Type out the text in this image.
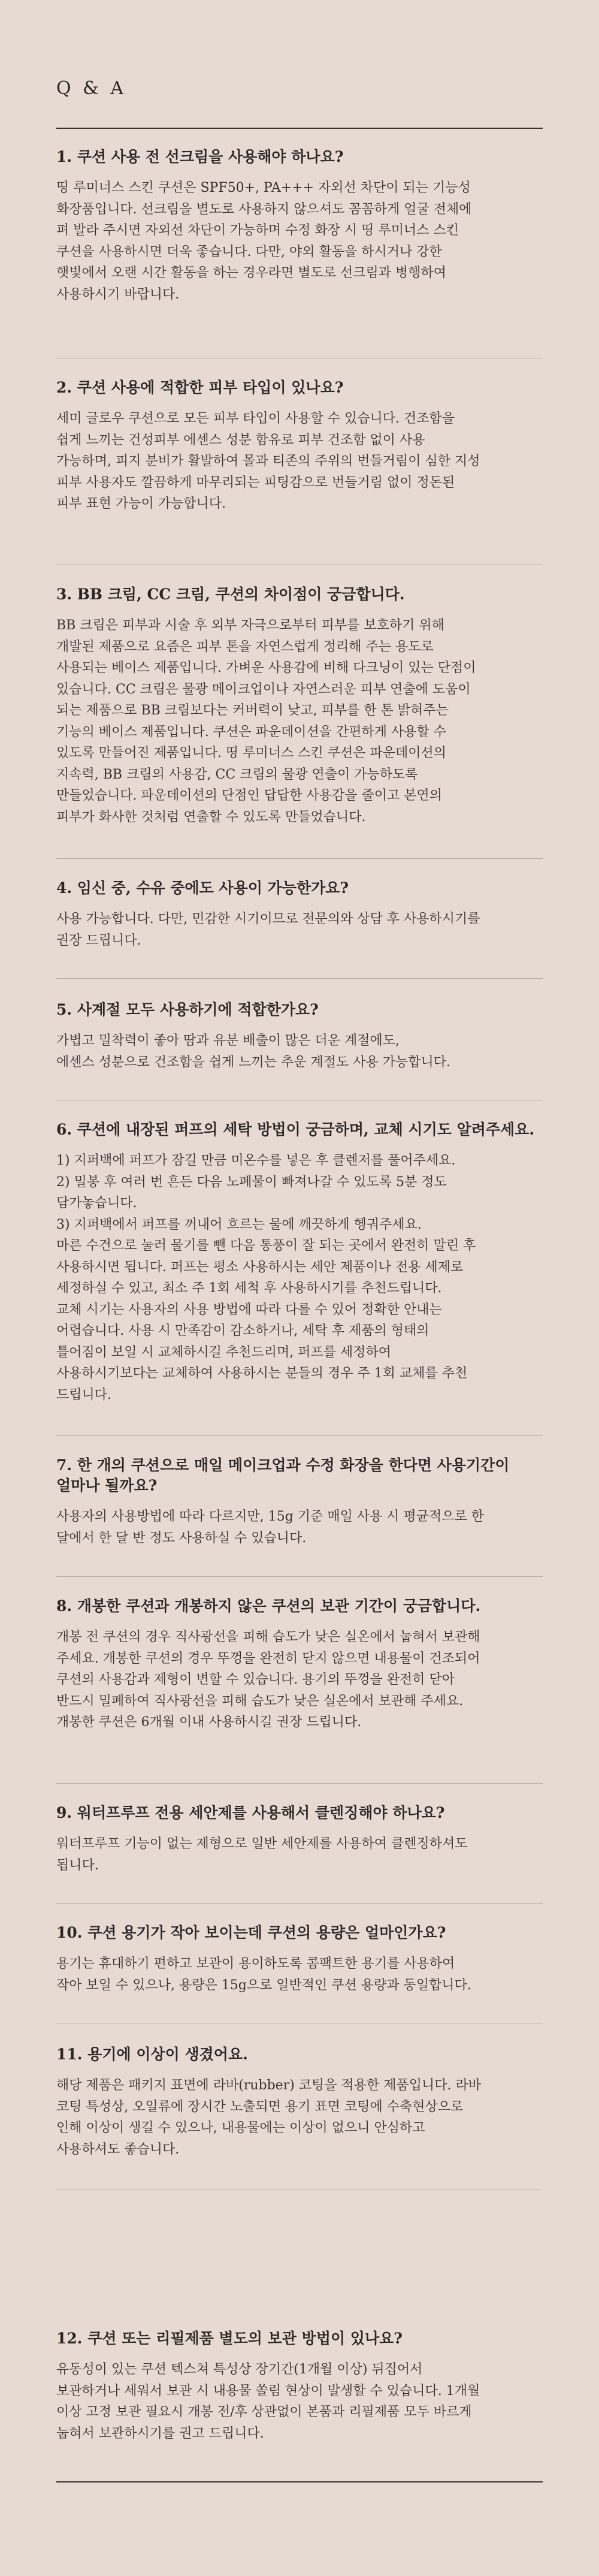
Q & A

1. 쿠션 사용 전 선크림을 사용해야 하나요?

띵 루미너스 스킨 쿠션은 SPF50+, PA+++ 자외선 차단이 되는 기능성
화장품입니다. 선크림을 별도로 사용하지 않으셔도 꼼꼼하게 얼굴 전체에
펴 발라 주시면 자외선 차단이 가능하며 수정 화장 시 띵 루미너스 스킨
쿠션을 사용하시면 더욱 좋습니다. 다만, 야외 활동을 하시거나 강한
햇빛에서 오랜 시간 활동을 하는 경우라면 별도로 선크림과 병행하여
사용하시기 바랍니다.

2. 쿠션 사용에 적합한 피부 타입이 있나요?

세미 글로우 쿠션으로 모든 피부 타입이 사용할 수 있습니다. 건조함을
쉽게 느끼는 건성피부 에센스 성분 함유로 피부 건조함 없이 사용
가능하며, 피지 분비가 활발하여 몰과 티존의 주위의 번들거림이 심한 지성
피부 사용자도 깔끔하게 마무리되는 피팅감으로 번들거림 없이 정돈된
피부 표현 가능이 가능합니다.

3. BB 크림, CC 크림, 쿠션의 차이점이 궁금합니다.

BB 크림은 피부과 시술 후 외부 자극으로부터 피부를 보호하기 위해
개발된 제품으로 요즘은 피부 톤을 자연스럽게 정리해 주는 용도로
사용되는 베이스 제품입니다. 가벼운 사용감에 비해 다크닝이 있는 단점이
있습니다. CC 크림은 물광 메이크업이나 자연스러운 피부 연출에 도움이
되는 제품으로 BB 크림보다는 커버력이 낮고, 피부를 한 톤 밝혀주는
기능의 베이스 제품입니다. 쿠션은 파운데이션을 간편하게 사용할 수
있도록 만들어진 제품입니다. 띵 루미너스 스킨 쿠션은 파운데이션의
지속력, BB 크림의 사용감, CC 크림의 물광 연출이 가능하도록
만들었습니다. 파운데이션의 단점인 답답한 사용감을 줄이고 본연의
피부가 화사한 것처럼 연출할 수 있도록 만들었습니다.

4. 임신 중, 수유 중에도 사용이 가능한가요?

사용 가능합니다. 다만, 민감한 시기이므로 전문의와 상담 후 사용하시기를
권장 드립니다.

5. 사계절 모두 사용하기에 적합한가요?

가볍고 밀착력이 좋아 땀과 유분 배출이 많은 더운 계절에도,
에센스 성분으로 건조함을 쉽게 느끼는 추운 계절도 사용 가능합니다.

6. 쿠션에 내장된 퍼프의 세탁 방법이 궁금하며, 교체 시기도 알려주세요.

1) 지퍼백에 퍼프가 잠길 만큼 미온수를 넣은 후 클렌저를 풀어주세요.
2) 밀봉 후 여러 번 흔든 다음 노폐물이 빠져나갈 수 있도록 5분 정도
담가놓습니다.
3) 지퍼백에서 퍼프를 꺼내어 흐르는 물에 깨끗하게 헹궈주세요.
마른 수건으로 눌러 물기를 뺀 다음 통풍이 잘 되는 곳에서 완전히 말린 후
사용하시면 됩니다. 퍼프는 평소 사용하시는 세안 제품이나 전용 세제로
세정하실 수 있고, 최소 주 1회 세척 후 사용하시기를 추천드립니다.
교체 시기는 사용자의 사용 방법에 따라 다를 수 있어 정확한 안내는
어렵습니다. 사용 시 만족감이 감소하거나, 세탁 후 제품의 형태의
틀어짐이 보일 시 교체하시길 추천드리며, 퍼프를 세정하여
사용하시기보다는 교체하여 사용하시는 분들의 경우 주 1회 교체를 추천
드립니다.

7. 한 개의 쿠션으로 매일 메이크업과 수정 화장을 한다면 사용기간이
얼마나 될까요?

사용자의 사용방법에 따라 다르지만, 15g 기준 매일 사용 시 평균적으로 한
달에서 한 달 반 정도 사용하실 수 있습니다.

8. 개봉한 쿠션과 개봉하지 않은 쿠션의 보관 기간이 궁금합니다.

개봉 전 쿠션의 경우 직사광선을 피해 습도가 낮은 실온에서 눕혀서 보관해
주세요. 개봉한 쿠션의 경우 뚜껑을 완전히 닫지 않으면 내용물이 건조되어
쿠션의 사용감과 제형이 변할 수 있습니다. 용기의 뚜껑을 완전히 닫아
반드시 밀폐하여 직사광선을 피해 습도가 낮은 실온에서 보관해 주세요.
개봉한 쿠션은 6개월 이내 사용하시길 권장 드립니다.

9. 워터프루프 전용 세안제를 사용해서 클렌징해야 하나요?

워터프루프 기능이 없는 제형으로 일반 세안제를 사용하여 클렌징하셔도
됩니다.

10. 쿠션 용기가 작아 보이는데 쿠션의 용량은 얼마인가요?

용기는 휴대하기 편하고 보관이 용이하도록 콤팩트한 용기를 사용하여
작아 보일 수 있으나, 용량은 15g으로 일반적인 쿠션 용량과 동일합니다.

11. 용기에 이상이 생겼어요.

해당 제품은 패키지 표면에 라바(rubber) 코팅을 적용한 제품입니다. 라바
코팅 특성상, 오일류에 장시간 노출되면 용기 표면 코팅에 수축현상으로
인해 이상이 생길 수 있으나, 내용물에는 이상이 없으니 안심하고
사용하셔도 좋습니다.

12. 쿠션 또는 리필제품 별도의 보관 방법이 있나요?

유동성이 있는 쿠션 텍스쳐 특성상 장기간(1개월 이상) 뒤집어서
보관하거나 세워서 보관 시 내용물 쏠림 현상이 발생할 수 있습니다. 1개월
이상 고정 보관 필요시 개봉 전/후 상관없이 본품과 리필제품 모두 바르게
눕혀서 보관하시기를 권고 드립니다.
